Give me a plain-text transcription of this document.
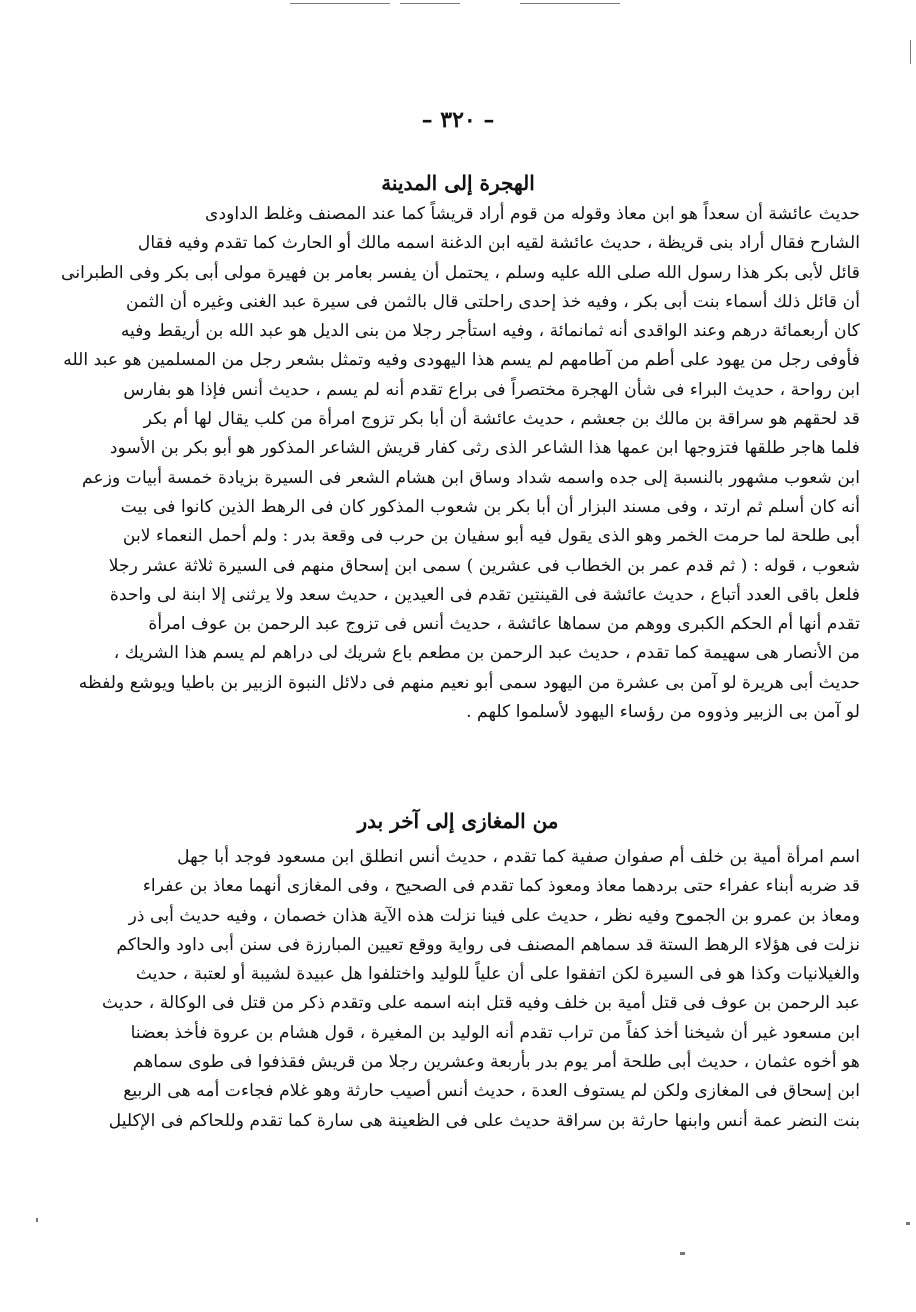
– ٣٢٠ –
الهجرة إلى المدينة
حديث عائشة أن سعداً هو ابن معاذ وقوله من قوم أراد قريشاً كما عند المصنف وغلط الداودى
الشارح فقال أراد بنى قريظة ، حديث عائشة لقيه ابن الدغنة اسمه مالك أو الحارث كما تقدم وفيه فقال
قائل لأبى بكر هذا رسول الله صلى الله عليه وسلم ، يحتمل أن يفسر بعامر بن فهيرة مولى أبى بكر وفى الطبرانى
أن قائل ذلك أسماء بنت أبى بكر ، وفيه خذ إحدى راحلتى قال بالثمن فى سيرة عبد الغنى وغيره أن الثمن
كان أربعمائة درهم وعند الواقدى أنه ثمانمائة ، وفيه استأجر رجلا من بنى الديل هو عبد الله بن أريقط وفيه
فأوفى رجل من يهود على أطم من آطامهم لم يسم هذا اليهودى وفيه وتمثل بشعر رجل من المسلمين هو عبد الله
ابن رواحة ، حديث البراء فى شأن الهجرة مختصراً فى براع تقدم أنه لم يسم ، حديث أنس فإذا هو بفارس
قد لحقهم هو سراقة بن مالك بن جعشم ، حديث عائشة أن أبا بكر تزوج امرأة من كلب يقال لها أم بكر
فلما هاجر طلقها فتزوجها ابن عمها هذا الشاعر الذى رثى كفار قريش الشاعر المذكور هو أبو بكر بن الأسود
ابن شعوب مشهور بالنسبة إلى جده واسمه شداد وساق ابن هشام الشعر فى السيرة بزيادة خمسة أبيات وزعم
أنه كان أسلم ثم ارتد ، وفى مسند البزار أن أبا بكر بن شعوب المذكور كان فى الرهط الذين كانوا فى بيت
أبى طلحة لما حرمت الخمر وهو الذى يقول فيه أبو سفيان بن حرب فى وقعة بدر : ولم أحمل النعماء لابن
شعوب ، قوله : ( ثم قدم عمر بن الخطاب فى عشرين ) سمى ابن إسحاق منهم فى السيرة ثلاثة عشر رجلا
فلعل باقى العدد أتباع ، حديث عائشة فى القينتين تقدم فى العيدين ، حديث سعد ولا يرثنى إلا ابنة لى واحدة
تقدم أنها أم الحكم الكبرى ووهم من سماها عائشة ، حديث أنس فى تزوج عبد الرحمن بن عوف امرأة
من الأنصار هى سهيمة كما تقدم ، حديث عبد الرحمن بن مطعم باع شريك لى دراهم لم يسم هذا الشريك ،
حديث أبى هريرة لو آمن بى عشرة من اليهود سمى أبو نعيم منهم فى دلائل النبوة الزبير بن باطيا ويوشع ولفظه
لو آمن بى الزبير وذووه من رؤساء اليهود لأسلموا كلهم .
من المغازى إلى آخر بدر
اسم امرأة أمية بن خلف أم صفوان صفية كما تقدم ، حديث أنس انطلق ابن مسعود فوجد أبا جهل
قد ضربه أبناء عفراء حتى بردهما معاذ ومعوذ كما تقدم فى الصحيح ، وفى المغازى أنهما معاذ بن عفراء
ومعاذ بن عمرو بن الجموح وفيه نظر ، حديث على فينا نزلت هذه الآية هذان خصمان ، وفيه حديث أبى ذر
نزلت فى هؤلاء الرهط الستة قد سماهم المصنف فى رواية ووقع تعيين المبارزة فى سنن أبى داود والحاكم
والغيلانيات وكذا هو فى السيرة لكن اتفقوا على أن علياً للوليد واختلفوا هل عبيدة لشيبة أو لعتبة ، حديث
عبد الرحمن بن عوف فى قتل أمية بن خلف وفيه قتل ابنه اسمه على وتقدم ذكر من قتل فى الوكالة ، حديث
ابن مسعود غير أن شيخنا أخذ كفاً من تراب تقدم أنه الوليد بن المغيرة ، قول هشام بن عروة فأخذ بعضنا
هو أخوه عثمان ، حديث أبى طلحة أمر يوم بدر بأربعة وعشرين رجلا من قريش فقذفوا فى طوى سماهم
ابن إسحاق فى المغازى ولكن لم يستوف العدة ، حديث أنس أصيب حارثة وهو غلام فجاءت أمه هى الربيع
بنت النضر عمة أنس وابنها حارثة بن سراقة حديث على فى الظعينة هى سارة كما تقدم وللحاكم فى الإكليل
